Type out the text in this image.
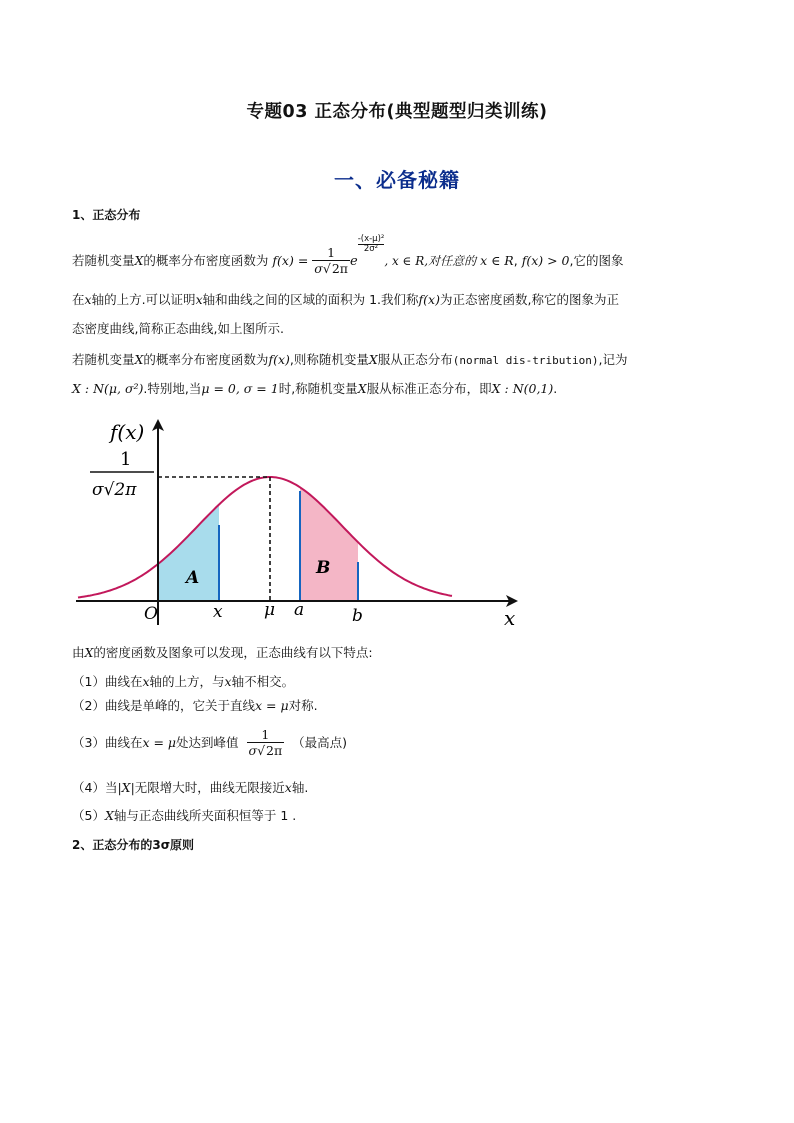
专题03 正态分布(典型题型归类训练)
一、必备秘籍
1、正态分布
若随机变量X的概率分布密度函数为 $f(x) = \frac{1}{\sigma√2\pi}$ e
$\frac{\text{-(x-μ)²}}{\text{2σ²}}$
, x ∈ R,对任意的 x ∈ R, f(x) > 0,它的图象
在x轴的上方.可以证明x轴和曲线之间的区域的面积为 1.我们称f(x)为正态密度函数,称它的图象为正
态密度曲线,简称正态曲线,如上图所示.
若随机变量X的概率分布密度函数为f(x),则称随机变量X服从正态分布(normal dis-tribution),记为
X : N(μ, σ²).特别地,当μ = 0, σ = 1时,称随机变量X服从标准正态分布，即X : N(0,1).
f(x)
x
1
σ√2π
O	x μ a	b
A	B
由X的密度函数及图象可以发现，正态曲线有以下特点:
（1）曲线在x轴的上方，与x轴不相交。
（2）曲线是单峰的，它关于直线x = μ对称.
（3）曲线在x = μ处达到峰值 $\frac{1}{\sigma√2\pi}$ （最高点)
（4）当|X|无限增大时，曲线无限接近x轴.
（5）X轴与正态曲线所夹面积恒等于 1 .
2、正态分布的3σ原则
